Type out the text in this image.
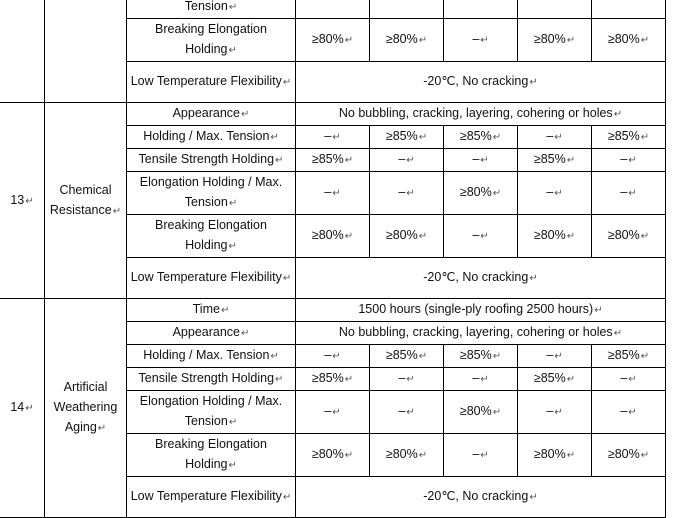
		Tension↵					
		Breaking Elongation Holding↵	≥80%↵	≥80%↵	–↵	≥80%↵	≥80%↵
		Low Temperature Flexibility↵	-20℃, No cracking↵				
13↵	Chemical Resistance↵	Appearance↵	No bubbling, cracking, layering, cohering or holes↵				
		Holding / Max. Tension↵	–↵	≥85%↵	≥85%↵	–↵	≥85%↵
		Tensile Strength Holding↵	≥85%↵	–↵	–↵	≥85%↵	–↵
		Elongation Holding / Max. Tension↵	–↵	–↵	≥80%↵	–↵	–↵
		Breaking Elongation Holding↵	≥80%↵	≥80%↵	–↵	≥80%↵	≥80%↵
		Low Temperature Flexibility↵	-20℃, No cracking↵				
14↵	Artificial Weathering Aging↵	Time↵	1500 hours (single-ply roofing 2500 hours)↵				
		Appearance↵	No bubbling, cracking, layering, cohering or holes↵				
		Holding / Max. Tension↵	–↵	≥85%↵	≥85%↵	–↵	≥85%↵
		Tensile Strength Holding↵	≥85%↵	–↵	–↵	≥85%↵	–↵
		Elongation Holding / Max. Tension↵	–↵	–↵	≥80%↵	–↵	–↵
		Breaking Elongation Holding↵	≥80%↵	≥80%↵	–↵	≥80%↵	≥80%↵
		Low Temperature Flexibility↵	-20℃, No cracking↵				
